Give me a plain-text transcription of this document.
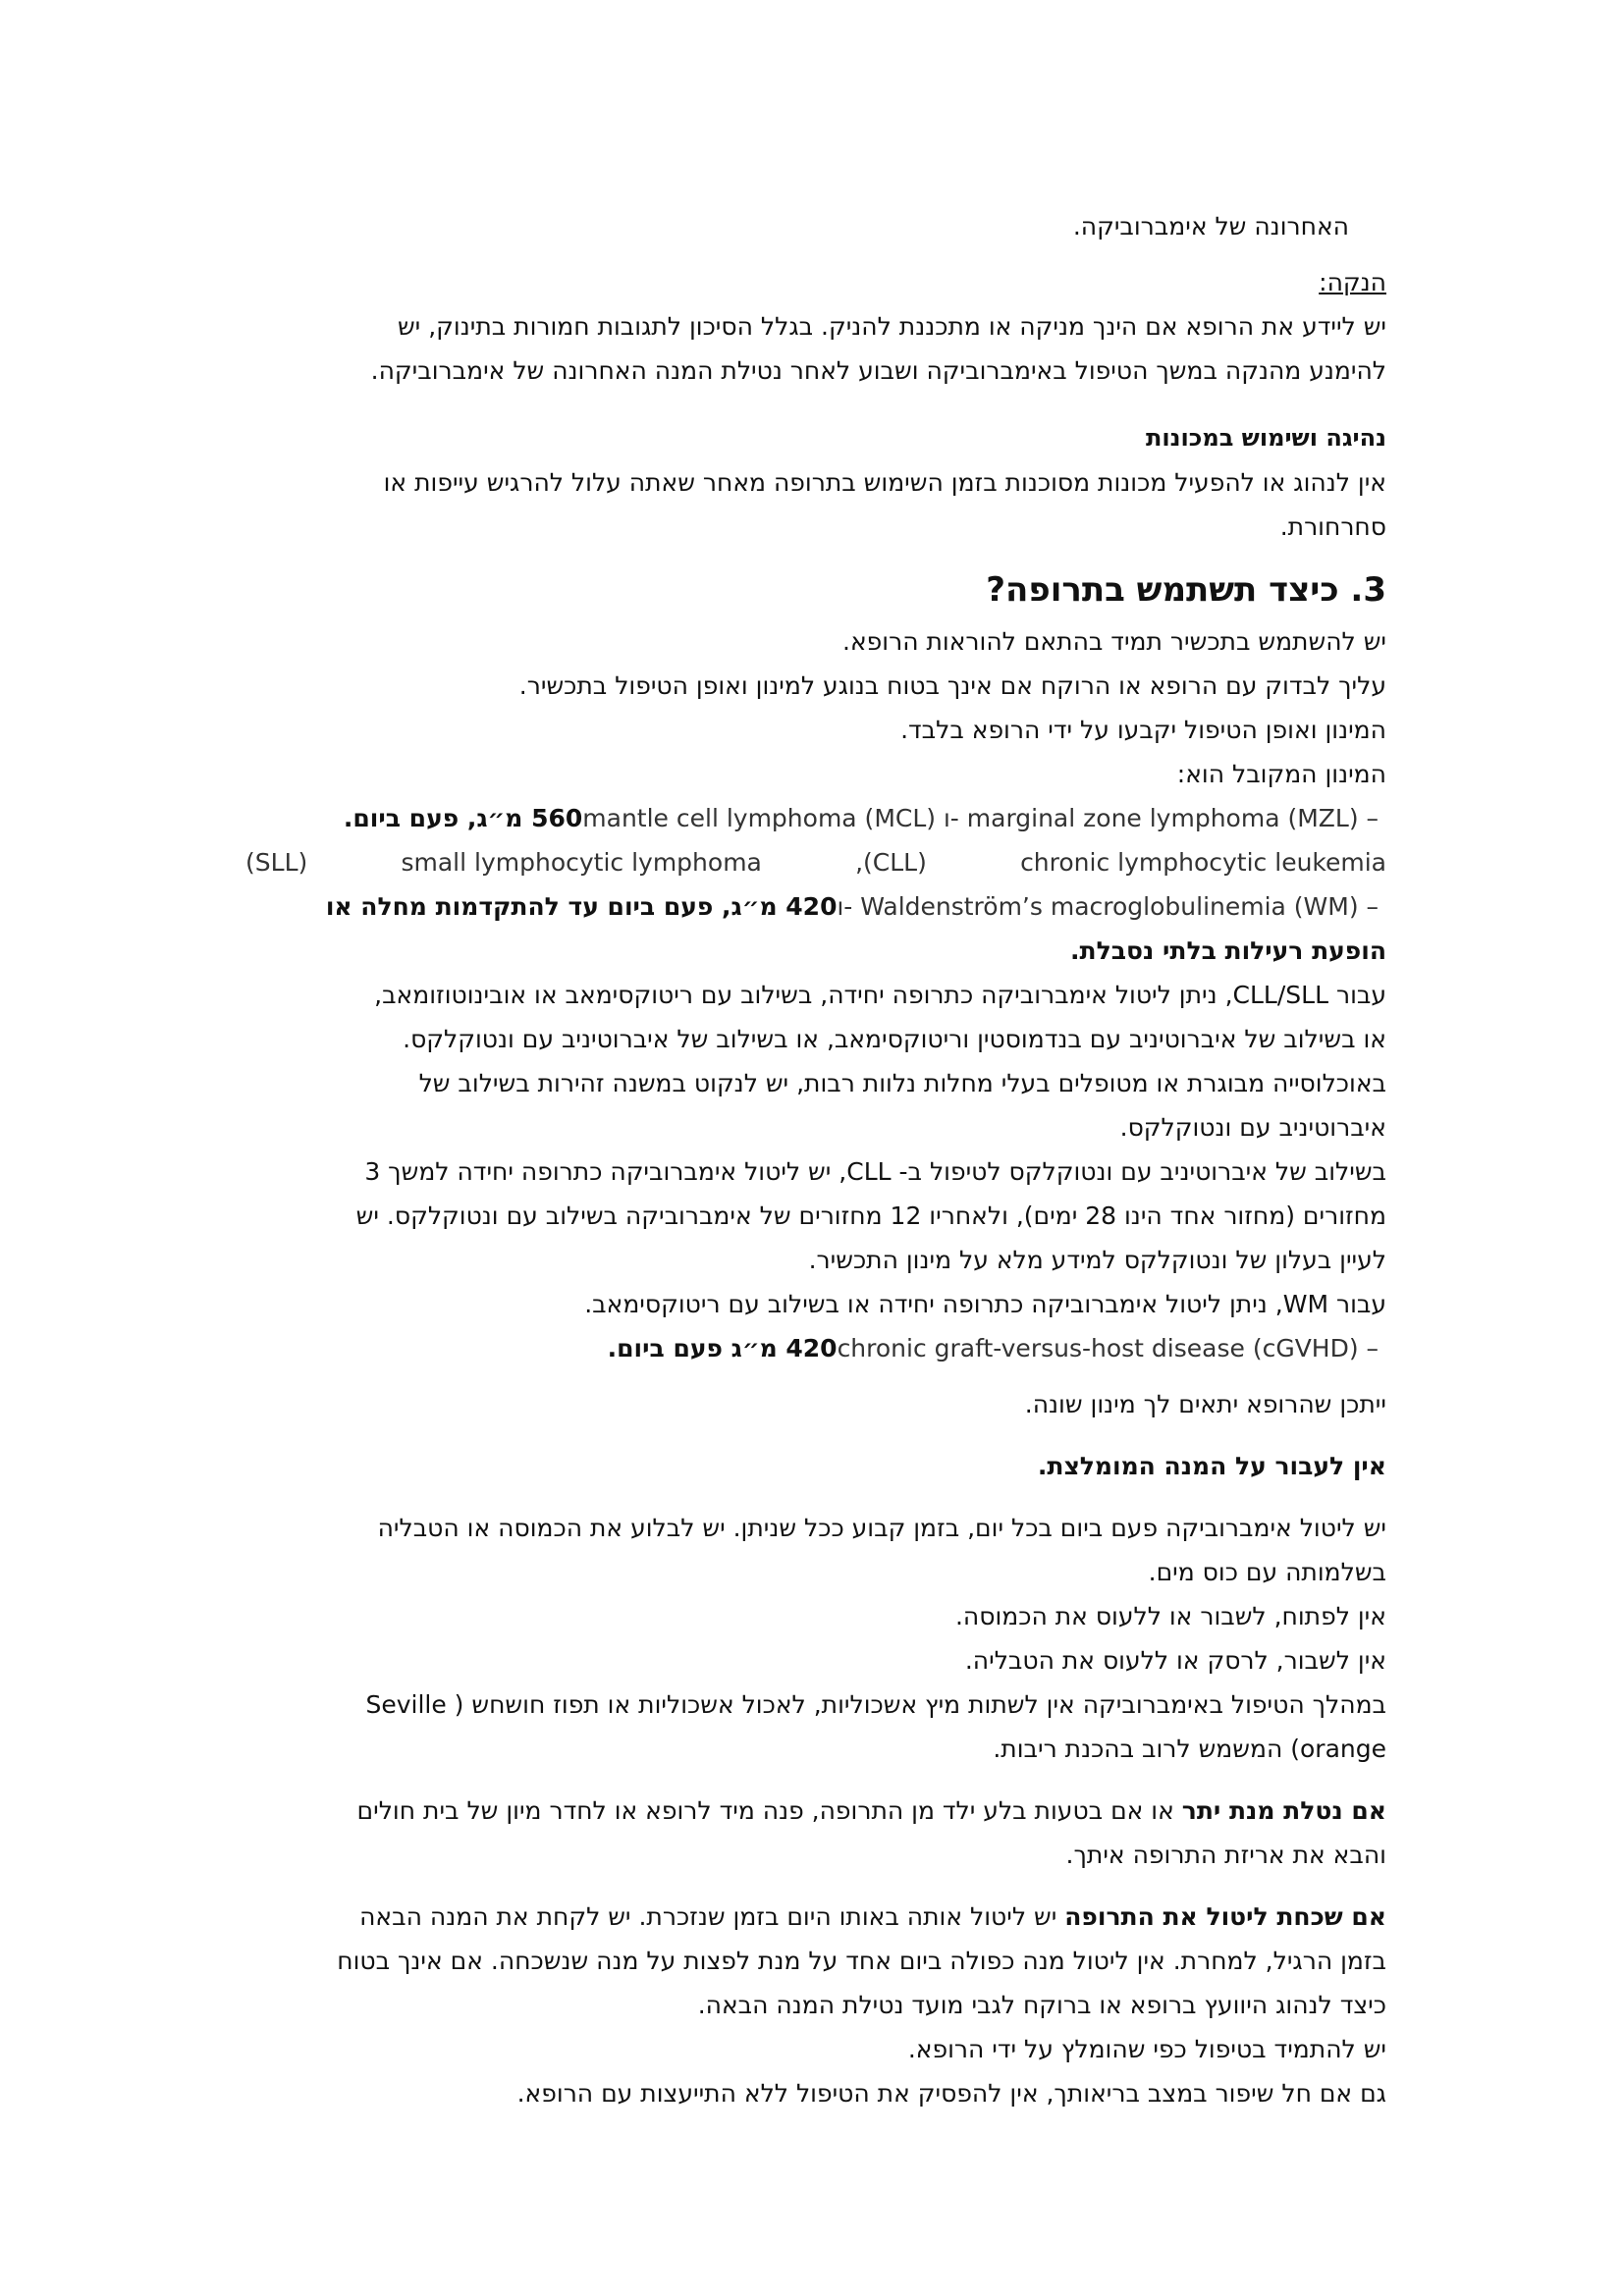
האחרונה של אימברוביקה.

הנקה:

יש ליידע את הרופא אם הינך מניקה או מתכננת להניק. בגלל הסיכון לתגובות חמורות בתינוק, יש

להימנע מהנקה במשך הטיפול באימברוביקה ושבוע לאחר נטילת המנה האחרונה של אימברוביקה.

נהיגה ושימוש במכונות

אין לנהוג או להפעיל מכונות מסוכנות בזמן השימוש בתרופה מאחר שאתה עלול להרגיש עייפות או

סחרחורת.

3. כיצד תשתמש בתרופה?

יש להשתמש בתכשיר תמיד בהתאם להוראות הרופא.

עליך לבדוק עם הרופא או הרוקח אם אינך בטוח בנוגע למינון ואופן הטיפול בתכשיר.

המינון ואופן הטיפול יקבעו על ידי הרופא בלבד.

המינון המקובל הוא:

mantle cell lymphoma (MCL) ו- marginal zone lymphoma (MZL) – 560 מ״ג, פעם ביום.

chronic lymphocytic leukemia
,(CLL)
small lymphocytic lymphoma
(SLL)

ו- Waldenström’s macroglobulinemia (WM) – 420 מ״ג, פעם ביום עד להתקדמות מחלה או

הופעת רעילות בלתי נסבלת.

עבור CLL/SLL, ניתן ליטול אימברוביקה כתרופה יחידה, בשילוב עם ריטוקסימאב או אובינוטוזומאב,

או בשילוב של איברוטיניב עם בנדמוסטין וריטוקסימאב, או בשילוב של איברוטיניב עם ונטוקלקס.

באוכלוסייה מבוגרת או מטופלים בעלי מחלות נלוות רבות, יש לנקוט במשנה זהירות בשילוב של

איברוטיניב עם ונטוקלקס.

בשילוב של איברוטיניב עם ונטוקלקס לטיפול ב- CLL, יש ליטול אימברוביקה כתרופה יחידה למשך 3

מחזורים (מחזור אחד הינו 28 ימים), ולאחריו 12 מחזורים של אימברוביקה בשילוב עם ונטוקלקס. יש

לעיין בעלון של ונטוקלקס למידע מלא על מינון התכשיר.

עבור WM, ניתן ליטול אימברוביקה כתרופה יחידה או בשילוב עם ריטוקסימאב.

chronic graft-versus-host disease (cGVHD) – 420 מ״ג פעם ביום.

ייתכן שהרופא יתאים לך מינון שונה.

אין לעבור על המנה המומלצת.

יש ליטול אימברוביקה פעם ביום בכל יום, בזמן קבוע ככל שניתן. יש לבלוע את הכמוסה או הטבליה

בשלמותה עם כוס מים.

אין לפתוח, לשבור או ללעוס את הכמוסה.

אין לשבור, לרסק או ללעוס את הטבליה.

במהלך הטיפול באימברוביקה אין לשתות מיץ אשכוליות, לאכול אשכוליות או תפוז חושחש ( Seville

orange) המשמש לרוב בהכנת ריבות.

אם נטלת מנת יתר או אם בטעות בלע ילד מן התרופה, פנה מיד לרופא או לחדר מיון של בית חולים

והבא את אריזת התרופה איתך.

אם שכחת ליטול את התרופה יש ליטול אותה באותו היום בזמן שנזכרת. יש לקחת את המנה הבאה

בזמן הרגיל, למחרת. אין ליטול מנה כפולה ביום אחד על מנת לפצות על מנה שנשכחה. אם אינך בטוח

כיצד לנהוג היוועץ ברופא או ברוקח לגבי מועד נטילת המנה הבאה.

יש להתמיד בטיפול כפי שהומלץ על ידי הרופא.

גם אם חל שיפור במצב בריאותך, אין להפסיק את הטיפול ללא התייעצות עם הרופא.
